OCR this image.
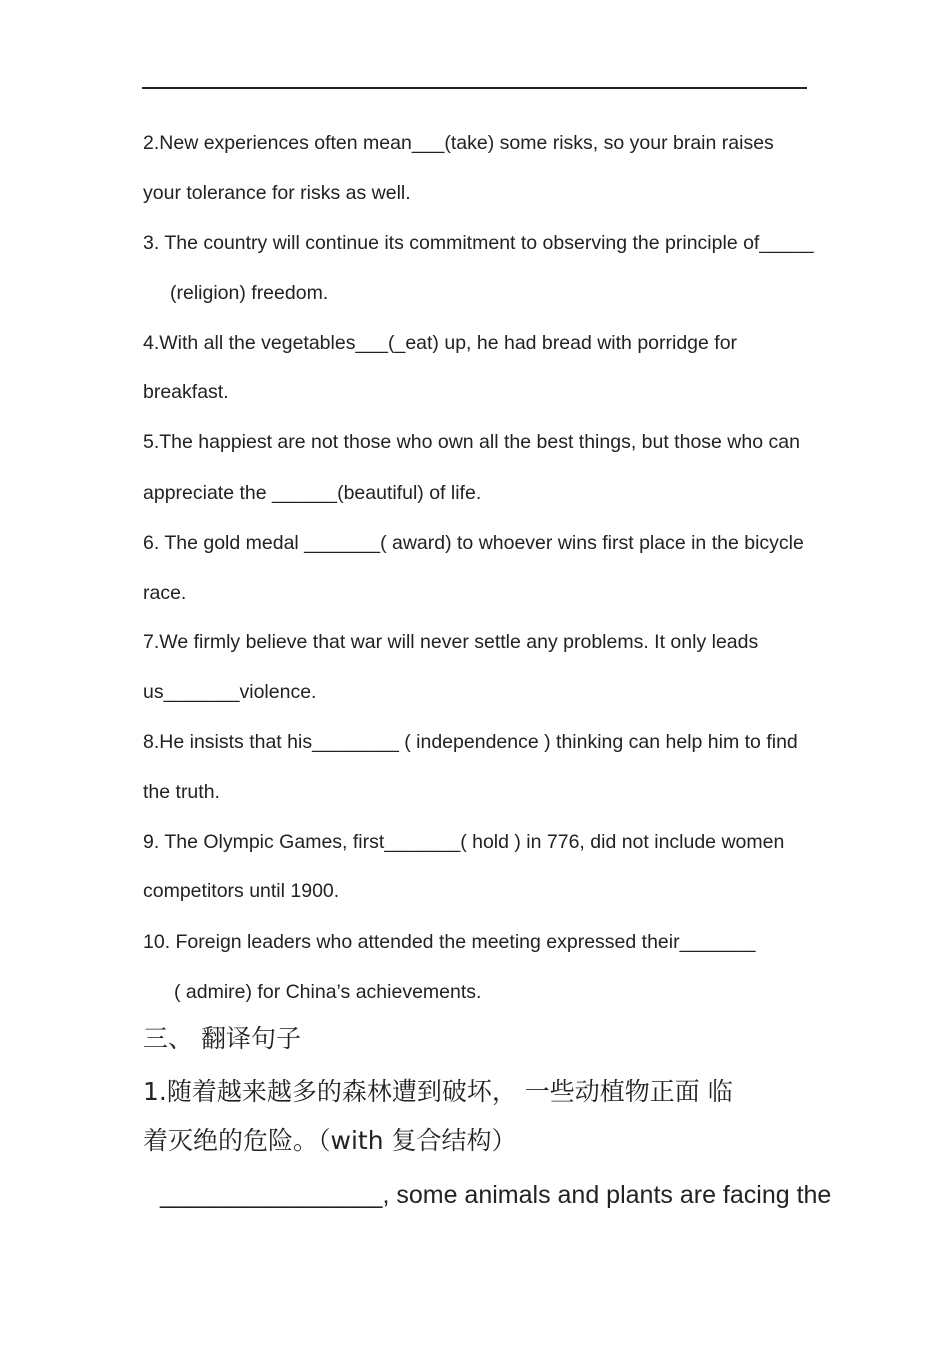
2.New experiences often mean___(take) some risks, so your brain raises
your tolerance for risks as well.
3. The country will continue its commitment to observing the principle of_____
(religion) freedom.
4.With all the vegetables___(_eat) up, he had bread with porridge for
breakfast.
5.The happiest are not those who own all the best things, but those who can
appreciate the ______(beautiful) of life.
6. The gold medal _______( award) to whoever wins first place in the bicycle
race.
7.We firmly believe that war will never settle any problems. It only leads
us_______violence.
8.He insists that his________ ( independence ) thinking can help him to find
the truth.
9. The Olympic Games, first_______( hold ) in 776, did not include women
competitors until 1900.
10. Foreign leaders who attended the meeting expressed their_______
( admire) for China’s achievements.
三、 翻译句子
1.随着越来越多的森林遭到破坏， 一些动植物正面 临
着灭绝的危险。（with 复合结构）
________________, some animals and plants are facing the
